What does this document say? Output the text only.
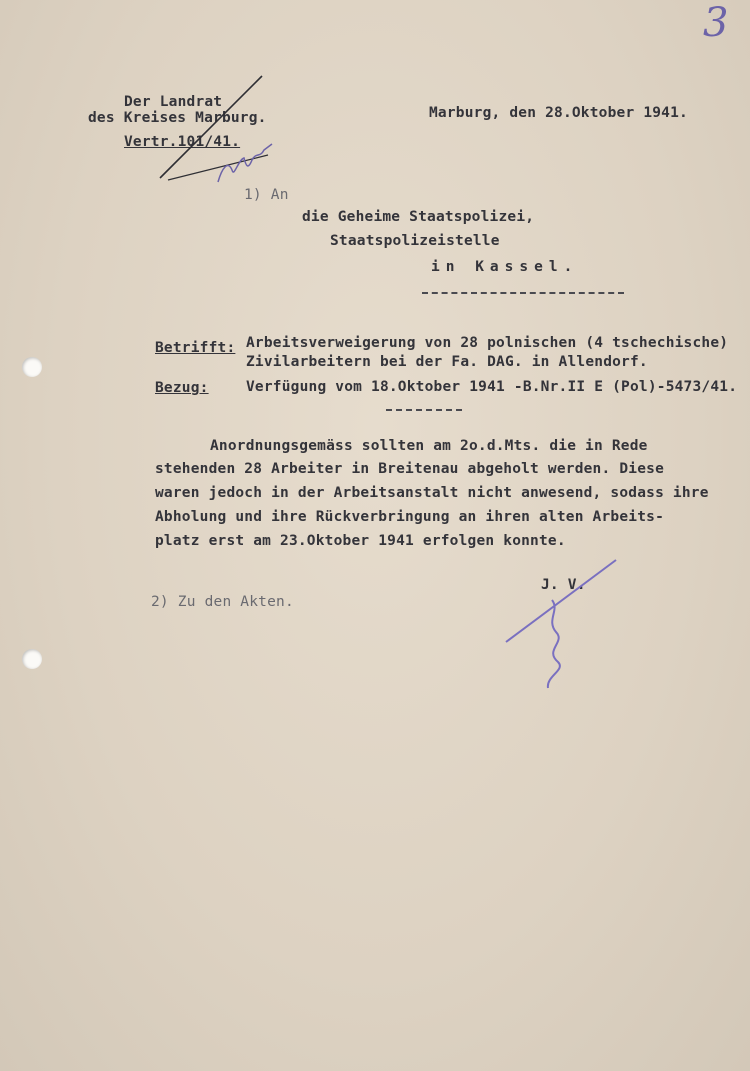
3
Der Landrat
des Kreises Marburg.
Vertr.101/41.
Marburg, den 28.Oktober 1941.
1) An
die Geheime Staatspolizei,
Staatspolizeistelle
in Kassel.
Betrifft: Arbeitsverweigerung von 28 polnischen (4 tschechische)
Zivilarbeitern bei der Fa. DAG. in Allendorf.
Bezug:	Verfügung vom 18.Oktober 1941 -B.Nr.II E (Pol)-5473/41.
Anordnungsgemäss sollten am 2o.d.Mts. die in Rede
stehenden 28 Arbeiter in Breitenau abgeholt werden. Diese
waren jedoch in der Arbeitsanstalt nicht anwesend, sodass ihre
Abholung und ihre Rückverbringung an ihren alten Arbeits-
platz erst am 23.Oktober 1941 erfolgen konnte.
J. V.
2) Zu den Akten.
